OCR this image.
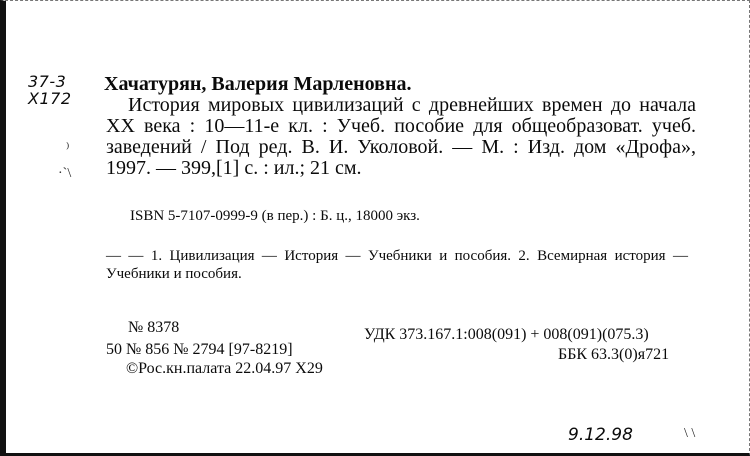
37-3
Х172
Хачатурян, Валерия Марленовна.
История мировых цивилизаций с древнейших времен до начала XX века : 10—11-е кл. : Учеб. пособие для общеобразоват. учеб. заведений / Под ред. В. И. Уколовой. — М. : Изд. дом «Дрофа», 1997. — 399,[1] с. : ил.; 21 см.
ISBN 5-7107-0999-9 (в пер.) : Б. ц., 18000 экз.
— — 1. Цивилизация — История — Учебники и пособия. 2. Всемирная история — Учебники и пособия.
№ 8378
50 № 856 № 2794 [97-8219]
©Рос.кн.палата 22.04.97 Х29
УДК 373.167.1:008(091) + 008(091)(075.3)
ББК 63.3(0)я721
9.12.98
⁾
·`\
\ \
